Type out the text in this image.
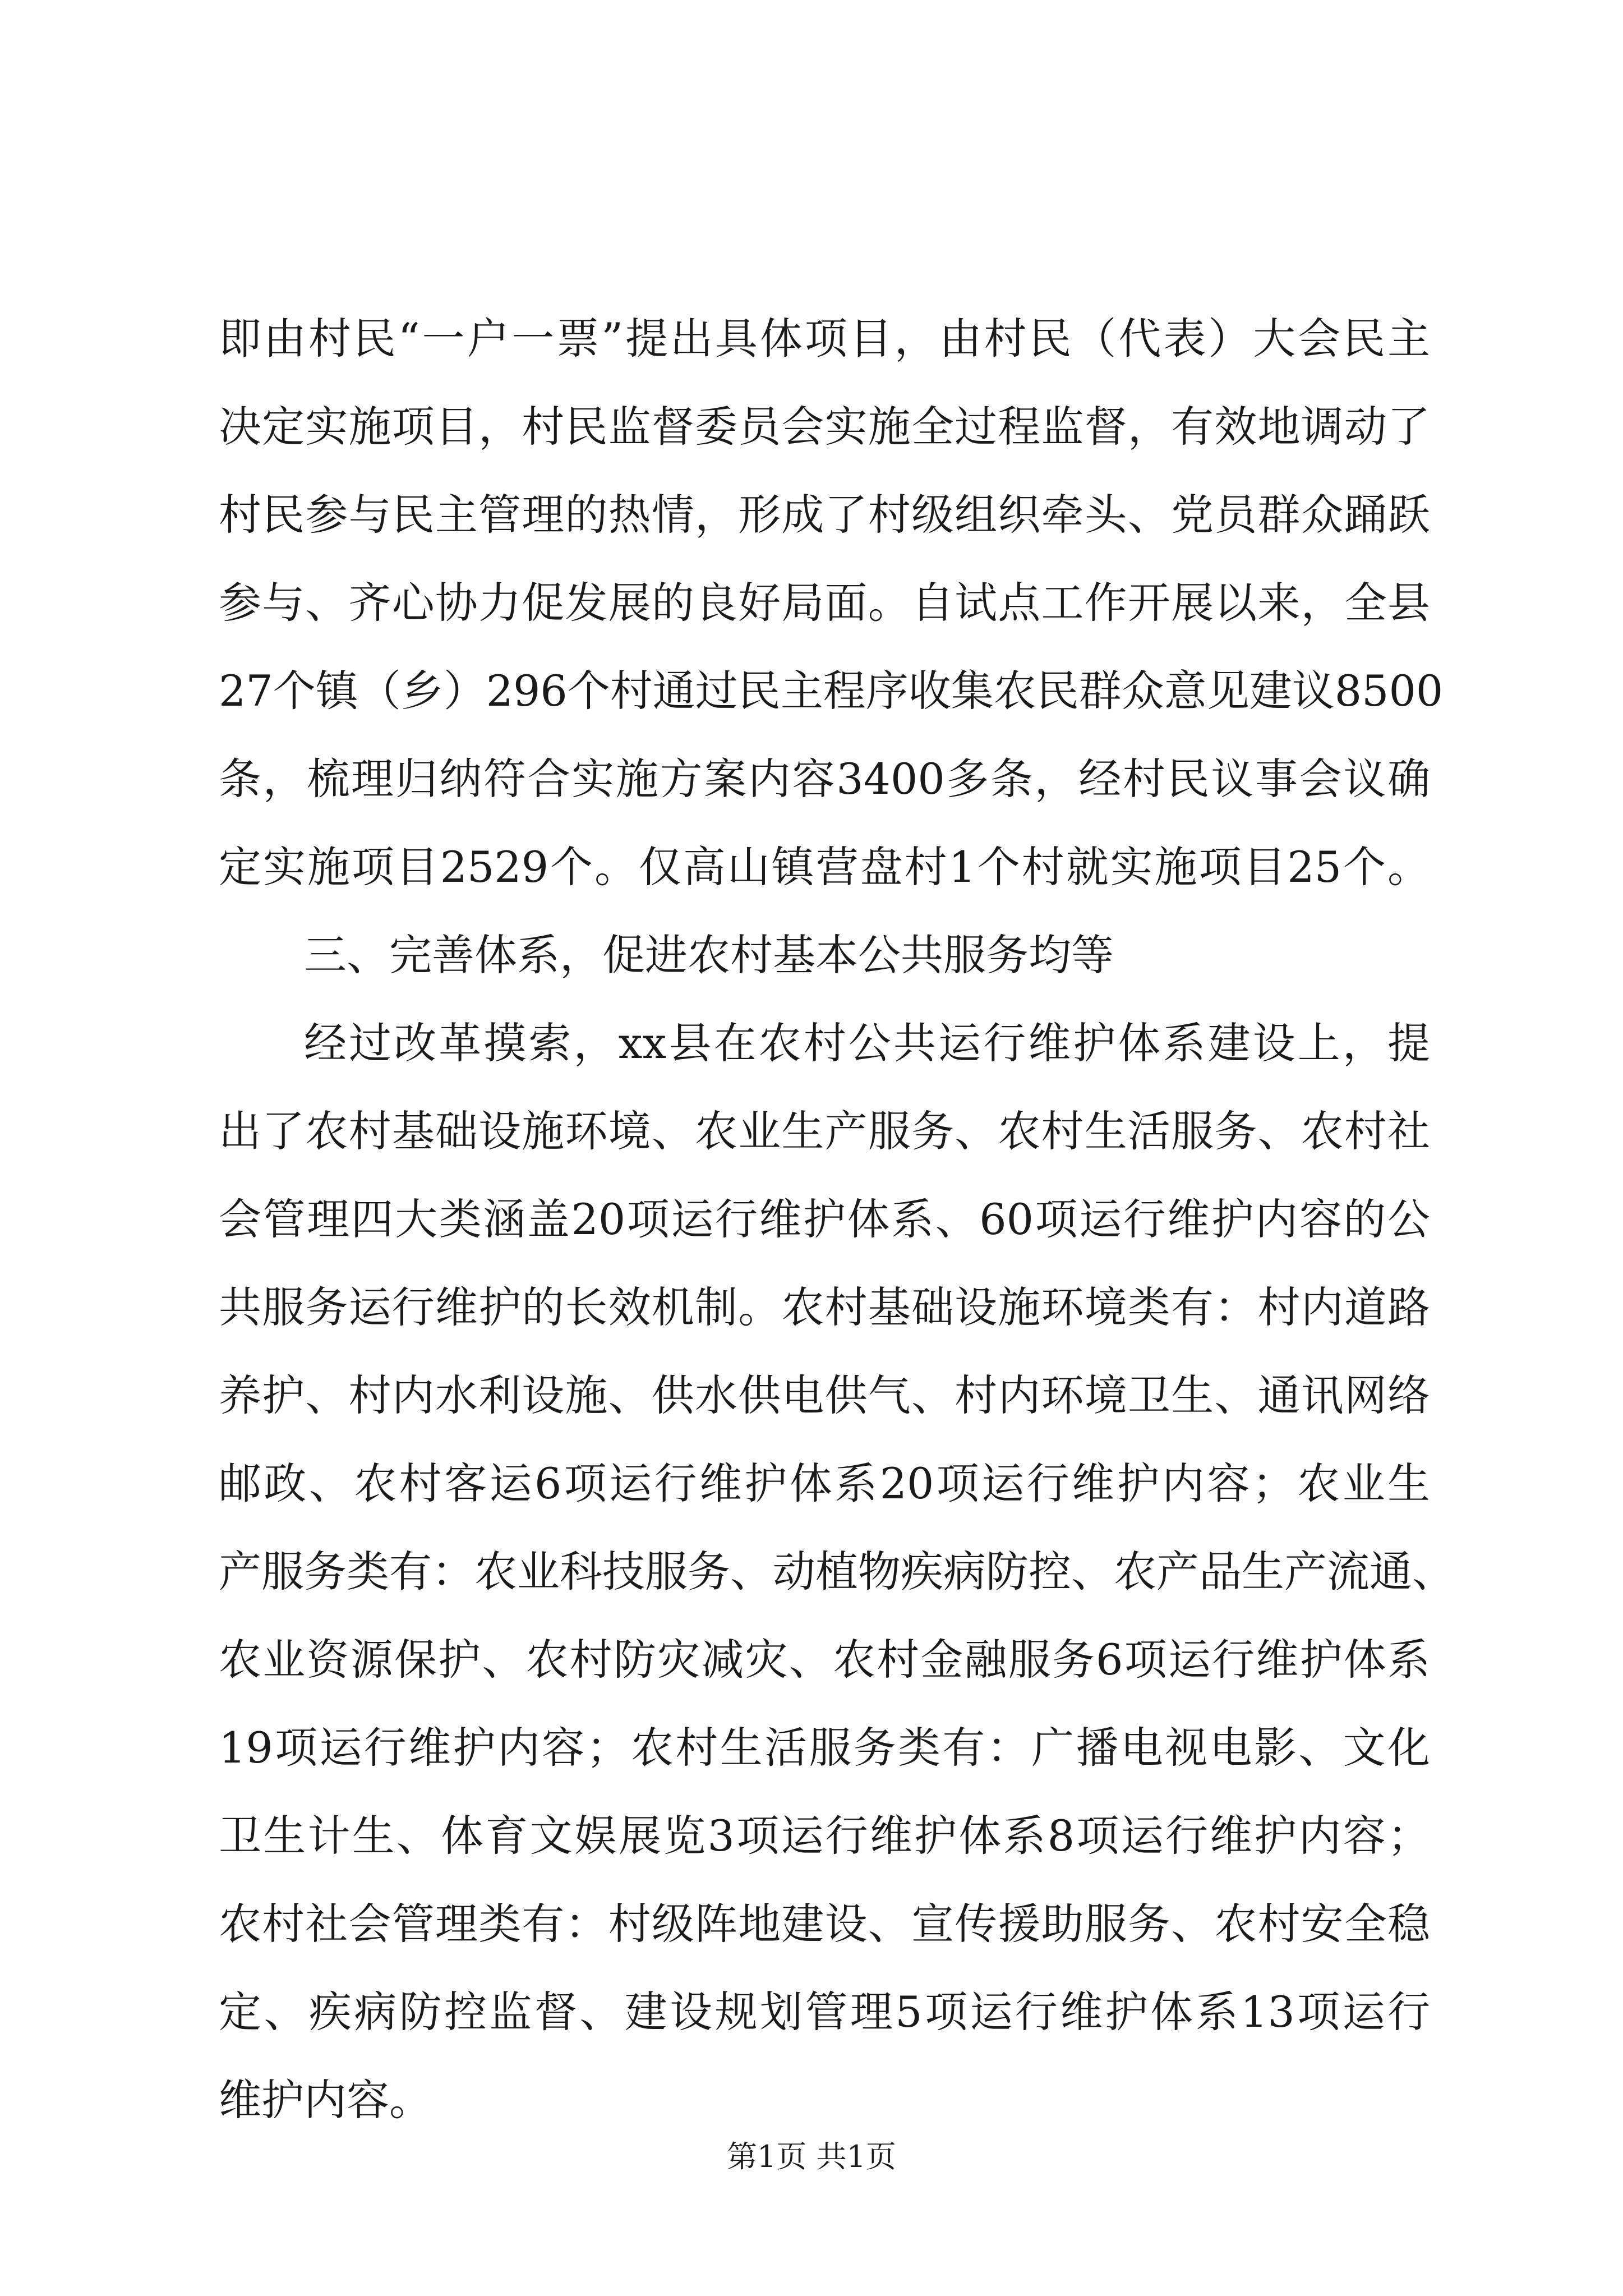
即由村民“一户一票”提出具体项目，由村民（代表）大会民主
决定实施项目，村民监督委员会实施全过程监督，有效地调动了
村民参与民主管理的热情，形成了村级组织牵头、党员群众踊跃
参与、齐心协力促发展的良好局面。自试点工作开展以来，全县
27个镇（乡）296个村通过民主程序收集农民群众意见建议8500
条，梳理归纳符合实施方案内容3400多条，经村民议事会议确
定实施项目2529个。仅高山镇营盘村1个村就实施项目25个。
三、完善体系，促进农村基本公共服务均等
经过改革摸索，xx县在农村公共运行维护体系建设上，提
出了农村基础设施环境、农业生产服务、农村生活服务、农村社
会管理四大类涵盖20项运行维护体系、60项运行维护内容的公
共服务运行维护的长效机制。农村基础设施环境类有：村内道路
养护、村内水利设施、供水供电供气、村内环境卫生、通讯网络
邮政、农村客运6项运行维护体系20项运行维护内容；农业生
产服务类有：农业科技服务、动植物疾病防控、农产品生产流通、
农业资源保护、农村防灾减灾、农村金融服务6项运行维护体系
19项运行维护内容；农村生活服务类有：广播电视电影、文化
卫生计生、体育文娱展览3项运行维护体系8项运行维护内容；
农村社会管理类有：村级阵地建设、宣传援助服务、农村安全稳
定、疾病防控监督、建设规划管理5项运行维护体系13项运行
维护内容。
第1页 共1页
